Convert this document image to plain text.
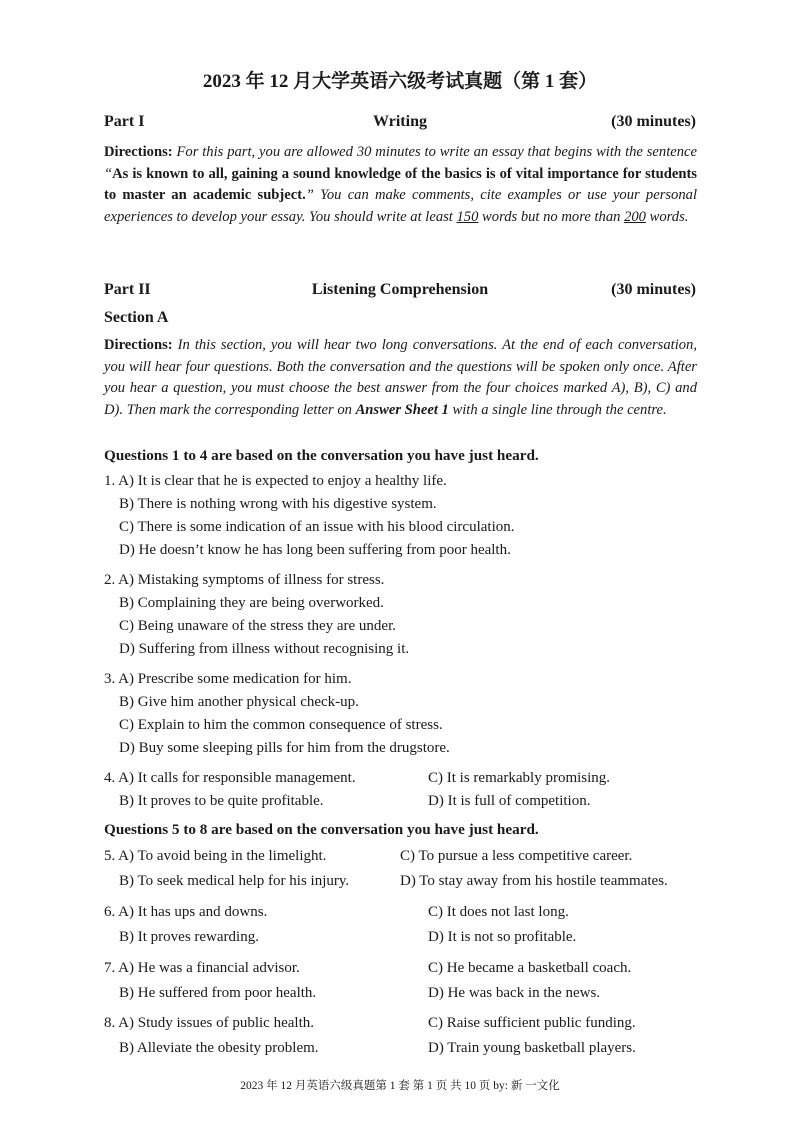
2023 年 12 月大学英语六级考试真题（第 1 套）
Part I	Writing	(30 minutes)
Directions: For this part, you are allowed 30 minutes to write an essay that begins with the sentence “As is known to all, gaining a sound knowledge of the basics is of vital importance for students to master an academic subject.” You can make comments, cite examples or use your personal experiences to develop your essay. You should write at least 150 words but no more than 200 words.
Part II	Listening Comprehension	(30 minutes)
Section A
Directions: In this section, you will hear two long conversations. At the end of each conversation, you will hear four questions. Both the conversation and the questions will be spoken only once. After you hear a question, you must choose the best answer from the four choices marked A), B), C) and D). Then mark the corresponding letter on Answer Sheet 1 with a single line through the centre.
Questions 1 to 4 are based on the conversation you have just heard.
1. A) It is clear that he is expected to enjoy a healthy life.
B) There is nothing wrong with his digestive system.
C) There is some indication of an issue with his blood circulation.
D) He doesn’t know he has long been suffering from poor health.
2. A) Mistaking symptoms of illness for stress.
B) Complaining they are being overworked.
C) Being unaware of the stress they are under.
D) Suffering from illness without recognising it.
3. A) Prescribe some medication for him.
B) Give him another physical check-up.
C) Explain to him the common consequence of stress.
D) Buy some sleeping pills for him from the drugstore.
4. A) It calls for responsible management.
B) It proves to be quite profitable.
C) It is remarkably promising.
D) It is full of competition.
Questions 5 to 8 are based on the conversation you have just heard.
5. A) To avoid being in the limelight.
B) To seek medical help for his injury.
C) To pursue a less competitive career.
D) To stay away from his hostile teammates.
6. A) It has ups and downs.
B) It proves rewarding.
C) It does not last long.
D) It is not so profitable.
7. A) He was a financial advisor.
B) He suffered from poor health.
C) He became a basketball coach.
D) He was back in the news.
8. A) Study issues of public health.
B) Alleviate the obesity problem.
C) Raise sufficient public funding.
D) Train young basketball players.
2023 年 12 月英语六级真题第 1 套 第 1 页 共 10 页 by: 新 一文化
